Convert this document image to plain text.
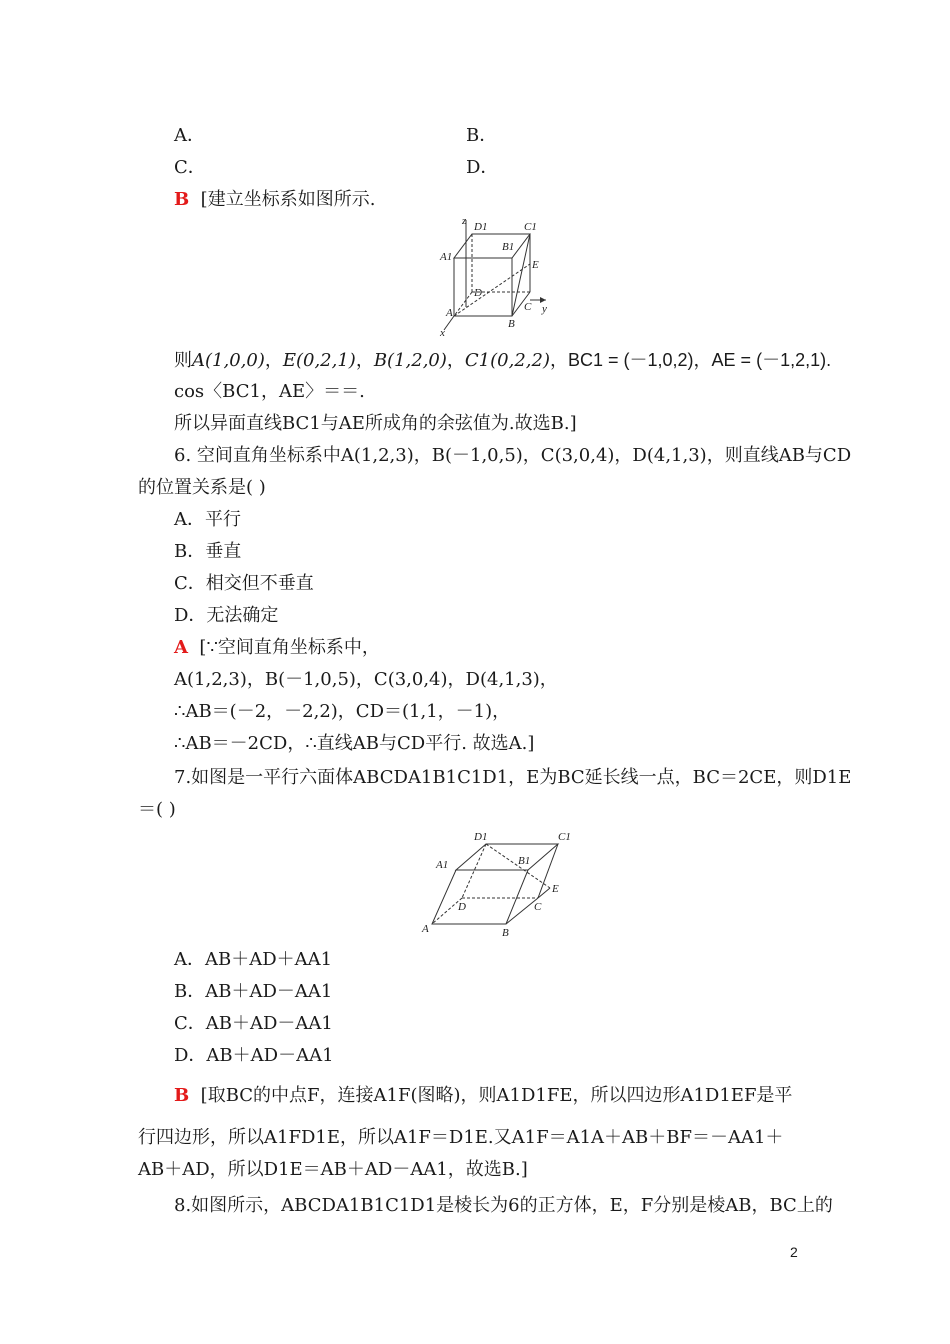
A．	B．
C．	D．
B [建立坐标系如图所示.
z D1	C1
B1
A1
E
D
C
A
B
y
x
则A(1,0,0)，E(0,2,1)，B(1,2,0)，C1(0,2,2)，BC1 = (－1,0,2)，AE = (－1,2,1).
cos〈BC1，AE〉＝＝.
所以异面直线BC1与AE所成角的余弦值为.故选B.]
6. 空间直角坐标系中A(1,2,3)，B(－1,0,5)，C(3,0,4)，D(4,1,3)，则直线AB与CD
的位置关系是( )
A．平行
B．垂直
C．相交但不垂直
D．无法确定
A [∵空间直角坐标系中，
A(1,2,3)，B(－1,0,5)，C(3,0,4)，D(4,1,3)，
∴AB＝(－2，－2,2)，CD＝(1,1，－1)，
∴AB＝－2CD，∴直线AB与CD平行. 故选A.]
7.如图是一平行六面体ABCDA1B1C1D1，E为BC延长线一点，BC＝2CE，则D1E
＝( )
D1	C1
A1	B1
E
D	C
A	B
A．AB＋AD＋AA1
B．AB＋AD－AA1
C．AB＋AD－AA1
D．AB＋AD－AA1
B [取BC的中点F，连接A1F(图略)，则A1D1FE，所以四边形A1D1EF是平
行四边形，所以A1FD1E，所以A1F＝D1E.又A1F＝A1A＋AB＋BF＝－AA1＋
AB＋AD，所以D1E＝AB＋AD－AA1，故选B.]
8.如图所示，ABCDA1B1C1D1是棱长为6的正方体，E，F分别是棱AB，BC上的
2
